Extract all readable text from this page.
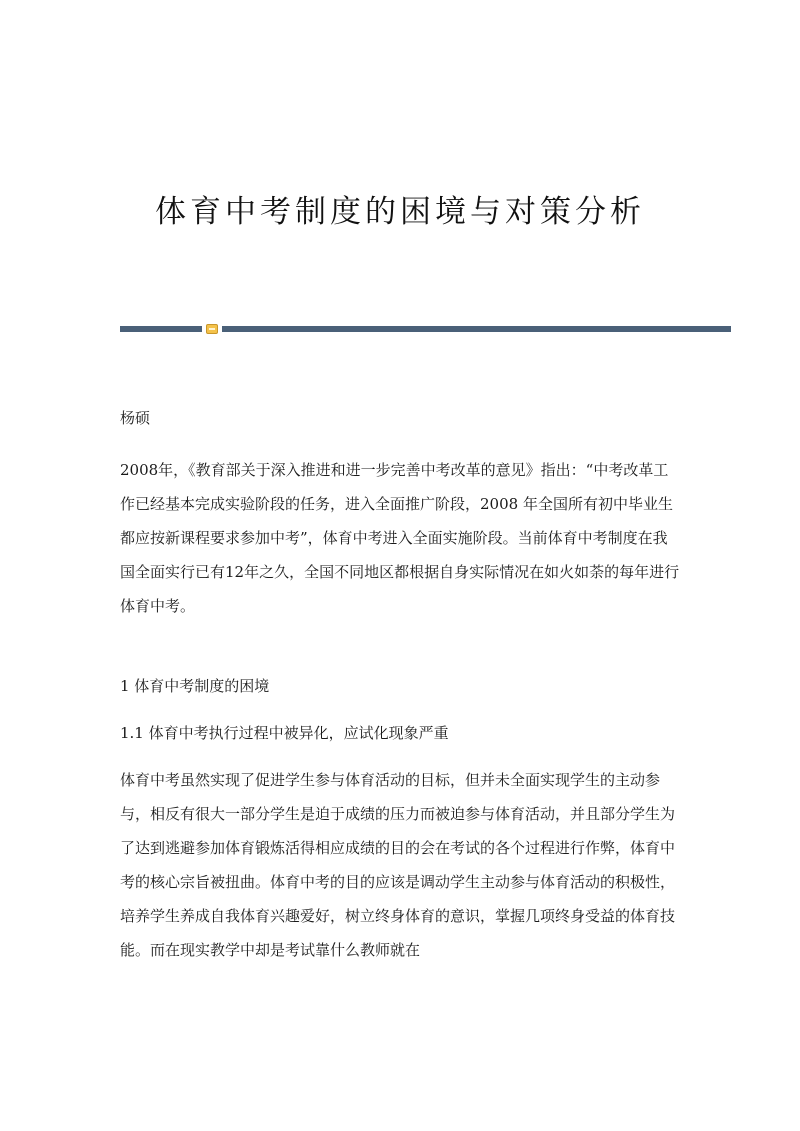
体育中考制度的困境与对策分析

杨硕

2008年，《教育部关于深入推进和进一步完善中考改革的意见》指出：“中考改革工作已经基本完成实验阶段的任务，进入全面推广阶段，2008 年全国所有初中毕业生都应按新课程要求参加中考”，体育中考进入全面实施阶段。当前体育中考制度在我国全面实行已有12年之久，全国不同地区都根据自身实际情况在如火如荼的每年进行体育中考。

1 体育中考制度的困境

1.1 体育中考执行过程中被异化，应试化现象严重

体育中考虽然实现了促进学生参与体育活动的目标，但并未全面实现学生的主动参与，相反有很大一部分学生是迫于成绩的压力而被迫参与体育活动，并且部分学生为了达到逃避参加体育锻炼活得相应成绩的目的会在考试的各个过程进行作弊，体育中考的核心宗旨被扭曲。体育中考的目的应该是调动学生主动参与体育活动的积极性，培养学生养成自我体育兴趣爱好，树立终身体育的意识，掌握几项终身受益的体育技能。而在现实教学中却是考试靠什么教师就在
